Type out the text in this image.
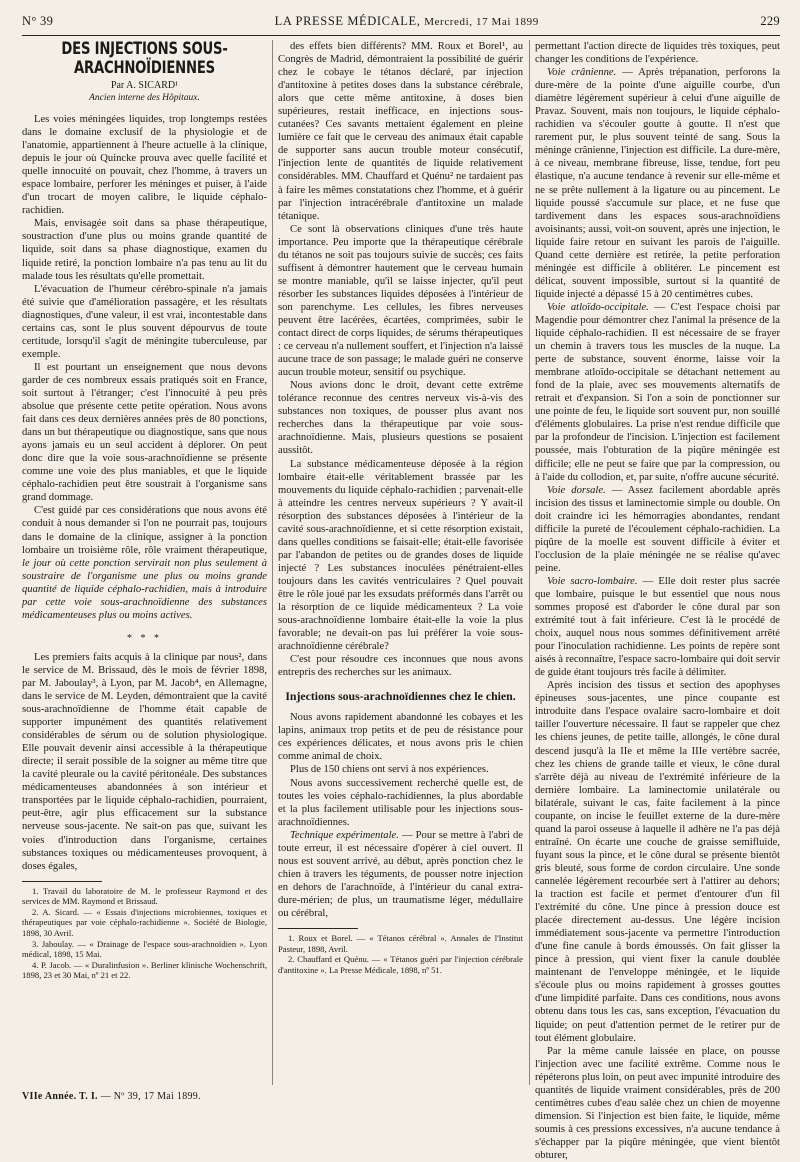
N° 39	LA PRESSE MÉDICALE, Mercredi, 17 Mai 1899	229
DES INJECTIONS SOUS-ARACHNOÏDIENNES

Par A. SICARD¹

Ancien interne des Hôpitaux.

Les voies méningées liquides, trop longtemps restées dans le domaine exclusif de la physiologie et de l'anatomie, appartiennent à l'heure actuelle à la clinique, depuis le jour où Quincke prouva avec quelle facilité et quelle innocuité on pouvait, chez l'homme, à travers un espace lombaire, perforer les méninges et puiser, à l'aide d'un trocart de moyen calibre, le liquide céphalo-rachidien.

Mais, envisagée soit dans sa phase thérapeutique, soustraction d'une plus ou moins grande quantité de liquide, soit dans sa phase diagnostique, examen du liquide retiré, la ponction lombaire n'a pas tenu au lit du malade tous les résultats qu'elle promettait.

L'évacuation de l'humeur cérébro-spinale n'a jamais été suivie que d'amélioration passagère, et les résultats diagnostiques, d'une valeur, il est vrai, incontestable dans certains cas, sont le plus souvent dépourvus de toute certitude, lorsqu'il s'agit de méningite tuberculeuse, par exemple.

Il est pourtant un enseignement que nous devons garder de ces nombreux essais pratiqués soit en France, soit surtout à l'étranger; c'est l'innocuité à peu près absolue que présente cette petite opération. Nous avons fait dans ces deux dernières années près de 80 ponctions, dans un but thérapeutique ou diagnostique, sans que nous ayons jamais eu un seul accident à déplorer. On peut donc dire que la voie sous-arachnoïdienne se présente comme une voie des plus maniables, et que le liquide céphalo-rachidien peut être soustrait à l'organisme sans grand dommage.

C'est guidé par ces considérations que nous avons été conduit à nous demander si l'on ne pourrait pas, toujours dans le domaine de la clinique, assigner à la ponction lombaire un troisième rôle, rôle vraiment thérapeutique, le jour où cette ponction servirait non plus seulement à soustraire de l'organisme une plus ou moins grande quantité de liquide céphalo-rachidien, mais à introduire par cette voie sous-arachnoïdienne des substances médicamenteuses plus ou moins actives.

* * *

Les premiers faits acquis à la clinique par nous², dans le service de M. Brissaud, dès le mois de février 1898, par M. Jaboulay³, à Lyon, par M. Jacob⁴, en Allemagne, dans le service de M. Leyden, démontraient que la cavité sous-arachnoïdienne de l'homme était capable de supporter impunément des quantités relativement considérables de sérum ou de solution physiologique. Elle pouvait devenir ainsi accessible à la thérapeutique directe; il serait possible de la soigner au même titre que la cavité pleurale ou la cavité péritonéale. Des substances médicamenteuses abandonnées à son intérieur et transportées par le liquide céphalo-rachidien, pourraient, peut-être, agir plus efficacement sur la substance nerveuse sous-jacente. Ne sait-on pas que, suivant les voies d'introduction dans l'organisme, certaines substances toxiques ou médicamenteuses provoquent, à doses égales,

1. Travail du laboratoire de M. le professeur Raymond et des services de MM. Raymond et Brissaud.

2. A. Sicard. — « Essais d'injections microbiennes, toxiques et thérapeutiques par voie céphalo-rachidienne ». Société de Biologie, 1898, 30 Avril.

3. Jaboulay. — « Drainage de l'espace sous-arachnoïdien ». Lyon médical, 1898, 15 Mai.

4. P. Jacob. — « Duralinfusion ». Berliner klinische Wochenschrift, 1898, 23 et 30 Mai, nº 21 et 22.

des effets bien différents? MM. Roux et Borel¹, au Congrès de Madrid, démontraient la possibilité de guérir chez le cobaye le tétanos déclaré, par injection d'antitoxine à petites doses dans la substance cérébrale, alors que cette même antitoxine, à doses bien supérieures, restait inefficace, en injections sous-cutanées? Ces savants mettaient également en pleine lumière ce fait que le cerveau des animaux était capable de supporter sans aucun trouble moteur consécutif, l'injection lente de quantités de liquide relativement considérables. MM. Chauffard et Quénu² ne tardaient pas à faire les mêmes constatations chez l'homme, et à guérir par l'injection intracérébrale d'antitoxine un malade tétanique.

Ce sont là observations cliniques d'une très haute importance. Peu importe que la thérapeutique cérébrale du tétanos ne soit pas toujours suivie de succès; ces faits suffisent à démontrer hautement que le cerveau humain se montre maniable, qu'il se laisse injecter, qu'il peut résorber les substances liquides déposées à l'intérieur de son parenchyme. Les cellules, les fibres nerveuses peuvent être lacérées, écartées, comprimées, subir le contact direct de corps liquides, de sérums thérapeutiques : ce cerveau n'a nullement souffert, et l'injection n'a laissé aucune trace de son passage; le malade guéri ne conserve aucun trouble moteur, sensitif ou psychique.

Nous avions donc le droit, devant cette extrême tolérance reconnue des centres nerveux vis-à-vis des substances non toxiques, de pousser plus avant nos recherches dans la thérapeutique par voie sous-arachnoïdienne. Mais, plusieurs questions se posaient aussitôt.

La substance médicamenteuse déposée à la région lombaire était-elle véritablement brassée par les mouvements du liquide céphalo-rachidien ; parvenait-elle à atteindre les centres nerveux supérieurs ? Y avait-il résorption des substances déposées à l'intérieur de la cavité sous-arachnoïdienne, et si cette résorption existait, dans quelles conditions se faisait-elle; était-elle favorisée par l'abandon de petites ou de grandes doses de liquide injecté ? Les substances inoculées pénétraient-elles toujours dans les cavités ventriculaires ? Quel pouvait être le rôle joué par les exsudats préformés dans l'arrêt ou la résorption de ce liquide médicamenteux ? La voie sous-arachnoïdienne lombaire était-elle la voie la plus favorable; ne devait-on pas lui préférer la voie sous-arachnoïdienne cérébrale?

C'est pour résoudre ces inconnues que nous avons entrepris des recherches sur les animaux.

Injections sous-arachnoïdiennes chez le chien.

Nous avons rapidement abandonné les cobayes et les lapins, animaux trop petits et de peu de résistance pour ces expériences délicates, et nous avons pris le chien comme animal de choix.

Plus de 150 chiens ont servi à nos expériences.

Nous avons successivement recherché quelle est, de toutes les voies céphalo-rachidiennes, la plus abordable et la plus facilement utilisable pour les injections sous-arachnoïdiennes.

Technique expérimentale. — Pour se mettre à l'abri de toute erreur, il est nécessaire d'opérer à ciel ouvert. Il nous est souvent arrivé, au début, après ponction chez le chien à travers les téguments, de pousser notre injection en dehors de l'arachnoïde, à l'intérieur du canal extra-dure-mérien; de plus, un traumatisme léger, médullaire ou cérébral,

1. Roux et Borel. — « Tétanos cérébral ». Annales de l'Institut Pasteur, 1898, Avril.

2. Chauffard et Quénu. — « Tétanos guéri par l'injection cérébrale d'antitoxine ». La Presse Médicale, 1898, nº 51.

permettant l'action directe de liquides très toxiques, peut changer les conditions de l'expérience.

Voie crânienne. — Après trépanation, perforons la dure-mère de la pointe d'une aiguille courbe, d'un diamètre légèrement supérieur à celui d'une aiguille de Pravaz. Souvent, mais non toujours, le liquide céphalo-rachidien va s'écouler goutte à goutte. Il n'est que rarement pur, le plus souvent teinté de sang. Sous la méninge crânienne, l'injection est difficile. La dure-mère, à ce niveau, membrane fibreuse, lisse, tendue, fort peu élastique, n'a aucune tendance à revenir sur elle-même et ne se prête nullement à la ligature ou au pincement. Le liquide poussé s'accumule sur place, et ne fuse que tardivement dans les espaces sous-arachnoïdiens avoisinants; aussi, voit-on souvent, après une injection, le liquide faire retour en suivant les parois de l'aiguille. Quand cette dernière est retirée, la petite perforation méningée est difficile à oblitérer. Le pincement est délicat, souvent impossible, surtout si la quantité de liquide injecté a dépassé 15 à 20 centimètres cubes.

Voie atloïdo-occipitale. — C'est l'espace choisi par Magendie pour démontrer chez l'animal la présence de la liquide céphalo-rachidien. Il est nécessaire de se frayer un chemin à travers tous les muscles de la nuque. La perte de substance, souvent énorme, laisse voir la membrane atloïdo-occipitale se détachant nettement au fond de la plaie, avec ses mouvements alternatifs de retrait et d'expansion. Si l'on a soin de ponctionner sur une pointe de feu, le liquide sort souvent pur, non souillé d'éléments globulaires. La prise n'est rendue difficile que par la profondeur de l'incision. L'injection est facilement poussée, mais l'obturation de la piqûre méningée est difficile; elle ne peut se faire que par la compression, ou à l'aide du collodion, et, par suite, n'offre aucune sécurité.

Voie dorsale. — Assez facilement abordable après incision des tissus et laminectomie simple ou double. On doit craindre ici les hémorragies abondantes, rendant difficile la pureté de l'écoulement céphalo-rachidien. La piqûre de la moelle est souvent difficile à éviter et l'occlusion de la plaie méningée ne se réalise qu'avec peine.

Voie sacro-lombaire. — Elle doit rester plus sacrée que lombaire, puisque le but essentiel que nous nous sommes proposé est d'aborder le cône dural par son extrémité tout à fait inférieure. C'est là le procédé de choix, auquel nous nous sommes définitivement arrêté pour l'inoculation rachidienne. Les points de repère sont aisés à reconnaître, l'espace sacro-lombaire qui doit servir de guide étant toujours très facile à délimiter.

Après incision des tissus et section des apophyses épineuses sous-jacentes, une pince coupante est introduite dans l'espace ovalaire sacro-lombaire et doit tailler l'ouverture nécessaire. Il faut se rappeler que chez les chiens jeunes, de petite taille, allongés, le cône dural descend jusqu'à la IIe et même la IIIe vertèbre sacrée, chez les chiens de grande taille et vieux, le cône dural s'arrête déjà au niveau de l'extrémité inférieure de la dernière lombaire. La laminectomie unilatérale ou bilatérale, suivant le cas, faite facilement à la pince coupante, on incise le feuillet externe de la dure-mère quand la paroi osseuse à laquelle il adhère ne l'a pas déjà entraîné. On écarte une couche de graisse semifluide, fuyant sous la pince, et le cône dural se présente bientôt gris bleuté, sous forme de cordon circulaire. Une sonde cannelée légèrement recourbée sert à l'attirer au dehors; la traction est facile et permet d'entourer d'un fil l'extrémité du cône. Une pince à pression douce est placée directement au-dessus. Une légère incision immédiatement sous-jacente va permettre l'introduction d'une fine canule à bords émoussés. On fait glisser la pince à pression, qui vient fixer la canule doublée maintenant de l'enveloppe méningée, et le liquide s'écoule plus ou moins rapidement à grosses gouttes d'une limpidité parfaite. Dans ces conditions, nous avons obtenu dans tous les cas, sans exception, l'évacuation du liquide; on peut d'attention permet de le retirer pur de tout élément globulaire.

Par la même canule laissée en place, on pousse l'injection avec une facilité extrême. Comme nous le répéterons plus loin, on peut avec impunité introduire des quantités de liquide vraiment considérables, près de 200 centimètres cubes d'eau salée chez un chien de moyenne dimension. Si l'injection est bien faite, le liquide, même soumis à ces pressions excessives, n'a aucune tendance à s'échapper par la piqûre méningée, que vient bientôt obturer,

VIIe Année. T. I. — Nº 39, 17 Mai 1899.
